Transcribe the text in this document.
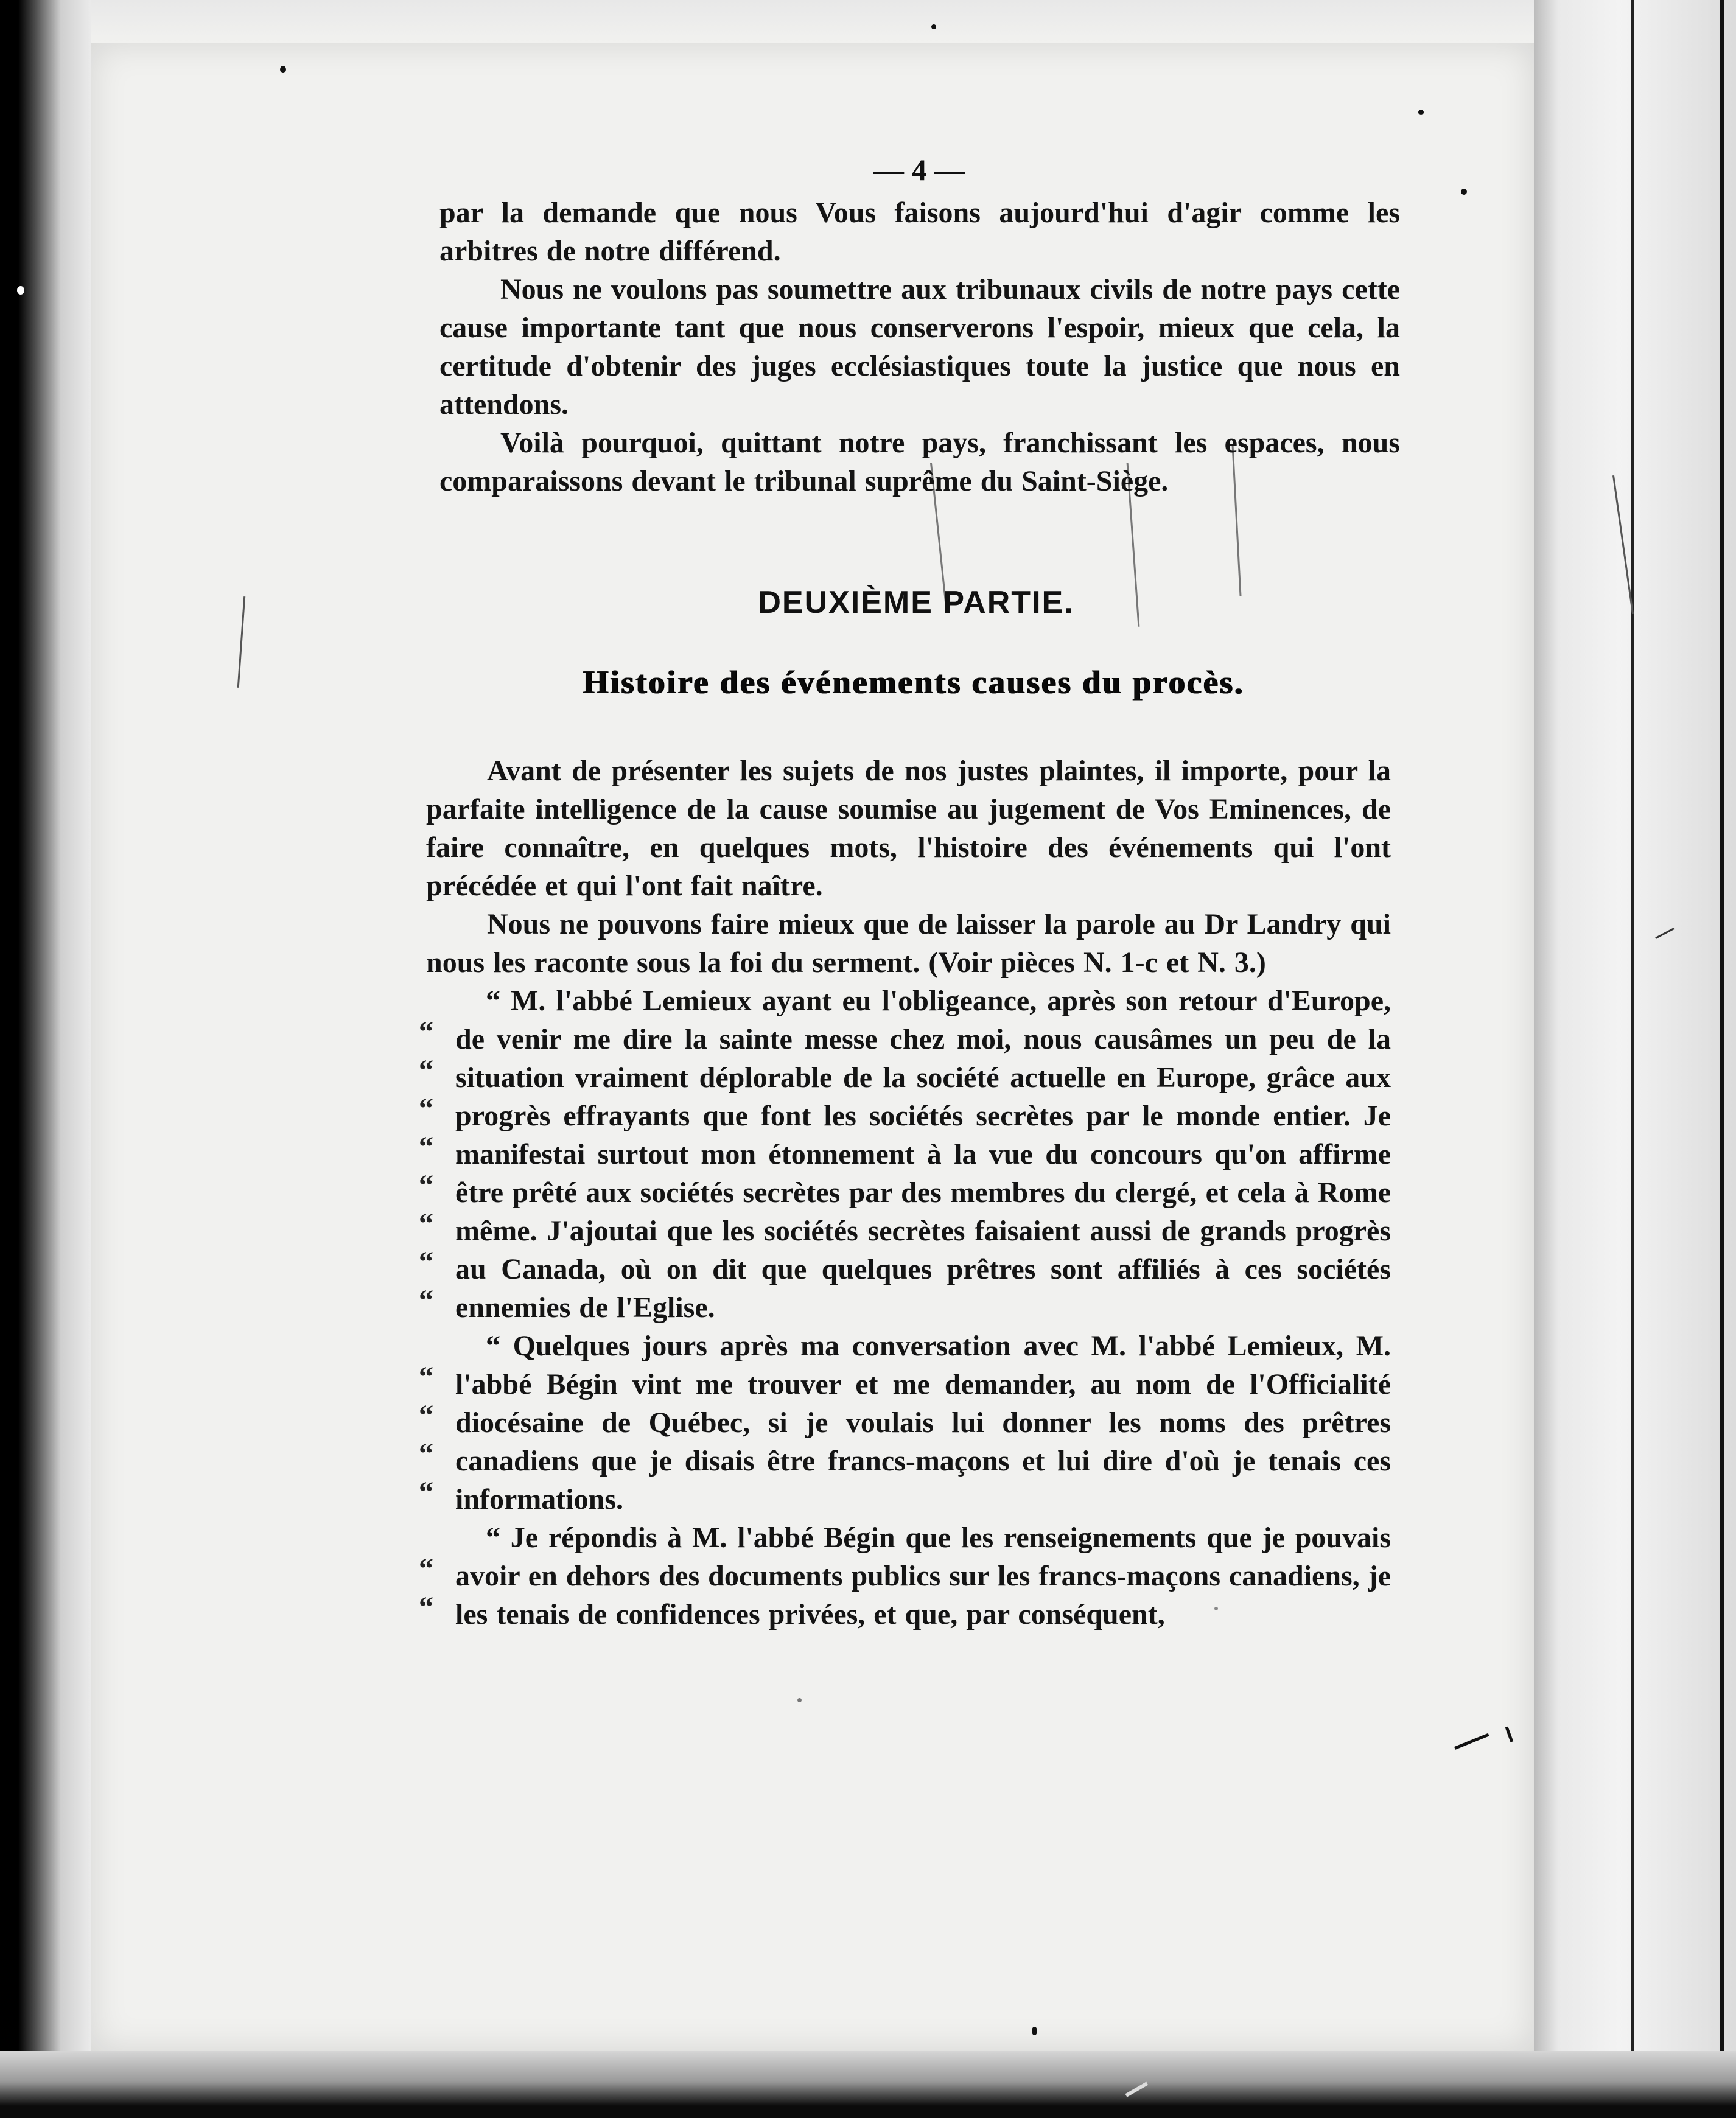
— 4 —

par la demande que nous Vous faisons aujourd'hui d'agir comme les arbitres de notre différend.

Nous ne voulons pas soumettre aux tribunaux civils de notre pays cette cause importante tant que nous conserverons l'espoir, mieux que cela, la certitude d'obtenir des juges ecclésiastiques toute la justice que nous en attendons.

Voilà pourquoi, quittant notre pays, franchissant les espaces, nous comparaissons devant le tribunal suprême du Saint-Siège.

DEUXIÈME PARTIE.
Histoire des événements causes du procès.

Avant de présenter les sujets de nos justes plaintes, il importe, pour la parfaite intelligence de la cause soumise au jugement de Vos Eminences, de faire connaître, en quelques mots, l'histoire des événements qui l'ont précédée et qui l'ont fait naître.

Nous ne pouvons faire mieux que de laisser la parole au Dr Landry qui nous les raconte sous la foi du serment. (Voir pièces N. 1-c et N. 3.)

“ M. l'abbé Lemieux ayant eu l'obligeance, après son retour d'Europe, de venir me dire la sainte messe chez moi, nous causâmes un peu de la situation vraiment déplorable de la société actuelle en Europe, grâce aux progrès effrayants que font les sociétés secrètes par le monde entier. Je manifestai surtout mon étonnement à la vue du concours qu'on affirme être prêté aux sociétés secrètes par des membres du clergé, et cela à Rome même. J'ajoutai que les sociétés secrètes faisaient aussi de grands progrès au Canada, où on dit que quelques prêtres sont affiliés à ces sociétés ennemies de l'Eglise.

“ Quelques jours après ma conversation avec M. l'abbé Lemieux, M. l'abbé Bégin vint me trouver et me demander, au nom de l'Officialité diocésaine de Québec, si je voulais lui donner les noms des prêtres canadiens que je disais être francs-maçons et lui dire d'où je tenais ces informations.

“ Je répondis à M. l'abbé Bégin que les renseignements que je pouvais avoir en dehors des documents publics sur les francs-maçons canadiens, je les tenais de confidences privées, et que, par conséquent,

“
“
“
“
“
“
“
“
“
“
“
“
“
“
